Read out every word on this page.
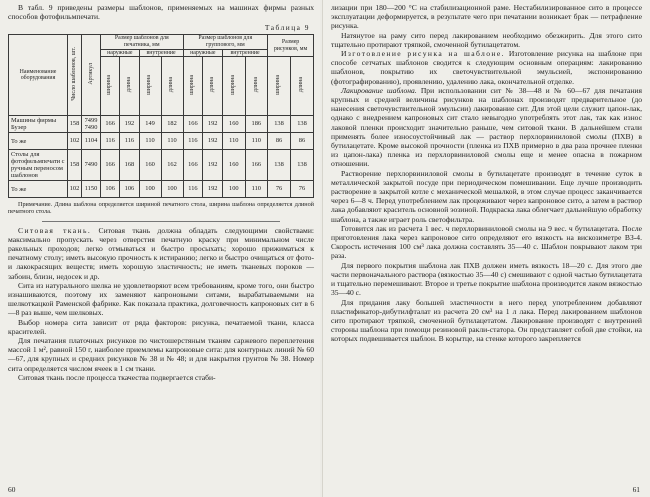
В табл. 9 приведены размеры шаблонов, применяемых на машинах фирмы разных способов фотофильмпечати.

Таблица 9
Наименование оборудования	Число шаблонов, шт.	Артикул	Размер шаблонов для печатника, мм				Размер шаблонов для группового, мм				Размер рисунков, мм	
			наружные		внутренние		наружные		внутренние			
			ширина	длина	ширина	длина	ширина	длина	ширина	длина	ширина	длина
Машины фирмы Буэер	158	7499 7490	166	192	149	182	166	192	160	186	138	138
То же	102	1104	116	116	110	110	116	192	110	110	86	86
Столы для фотофильмпечати с ручным переносом шаблонов	158	7490	166	168	160	162	166	192	160	166	138	138
То же	102	1150	106	106	100	100	116	192	100	110	76	76

Примечание. Длина шаблона определяется шириной печатного стола, ширина шаблона определяется длиной печатного стола.

Ситовая ткань. Ситовая ткань должна обладать следующими свойствами: максимально пропускать через отверстия печатную краску при минимальном числе ракельных проходов; легко отмываться и быстро просыхать; хорошо прижиматься к печатному столу; иметь высокую прочность к истиранию; легко и быстро очищаться от фото- и лакокрасящих веществ; иметь хорошую эластичность; не иметь тканевых пороков — забоин, близн, недосек и др.

Сита из натурального шелка не удовлетворяют всем требованиям, кроме того, они быстро изнашиваются, поэтому их заменяют капроновыми ситами, вырабатываемыми на шелкоткацкой Раменской фабрике. Как показала практика, долговечность капроновых сит в 6—8 раз выше, чем шелковых.

Выбор номера сита зависит от ряда факторов: рисунка, печатаемой ткани, класса красителей.

Для печатания платочных рисунков по чистошерстяным тканям саржевого переплетения массой 1 м², равной 150 г, наиболее приемлемы капроновые сита: для контурных линий № 60—67, для крупных и средних рисунков № 38 и № 48; и для накрытия грунтов № 38. Номер сита определяется числом ячеек в 1 см ткани.

Ситовая ткань после процесса ткачества подвергается стаби-

60

лизации при 180—200 °С на стабилизационной раме. Нестабилизированное сито в процессе эксплуатации деформируется, в результате чего при печатании возникает брак — петрафление рисунка.

Натянутое на раму сито перед лакированием необходимо обезжирить. Для этого сито тщательно протирают тряпкой, смоченной бутилацетатом.

Изготовление рисунка на шаблоне. Изготовление рисунка на шаблоне при способе сетчатых шаблонов сводится к следующим основным операциям: лакированию шаблонов, покрытию их светочувствительной эмульсией, экспонированию (фотографированию), проявлению, удалению лака, окончательной отделке.

Лакирование шаблона. При использовании сит № 38—48 и № 60—67 для печатания крупных и средней величины рисунков на шаблонах производят предварительное (до нанесения светочувствительной эмульсии) лакирование сит. Для этой цели служит цапон-лак, однако с внедрением капроновых сит стало невыгодно употреблять этот лак, так как износ лаковой пленки происходит значительно раньше, чем ситовой ткани. В дальнейшем стали применять более износоустойчивый лак — раствор перхлорвиниловой смолы (ПХВ) в бутилацетате. Кроме высокой прочности (пленка из ПХВ примерно в два раза прочнее пленки из цапон-лака) пленка из перхлорвиниловой смолы еще и менее опасна в пожарном отношении.

Растворение перхлорвиниловой смолы в бутилацетате производят в течение суток в металлической закрытой посуде при периодическом помешивании. Еще лучше производить растворение в закрытой котле с механической мешалкой, в этом случае процесс заканчивается через 6—8 ч. Перед употреблением лак процеживают через капроновое сито, а затем в раствор лака добавляют краситель основной эозиной. Подкраска лака облегчает дальнейшую обработку шаблона, а также играет роль светофильтра.

Готовится лак из расчета 1 вес. ч перхлорвиниловой смолы на 9 вес. ч бутилацетата. После приготовления лака через капроновое сито определяют его вязкость на вискозиметре ВЗ-4. Скорость истечения 100 см³ лака должна составлять 35—40 с. Шаблон покрывают лаком три раза.

Для первого покрытия шаблона лак ПХВ должен иметь вязкость 18—20 с. Для этого две части первоначального раствора (вязкостью 35—40 с) смешивают с одной частью бутилацетата и тщательно перемешивают. Второе и третье покрытие шаблона производится лаком вязкостью 35—40 с.

Для придания лаку большей эластичности в него перед употреблением добавляют пластификатор-дибутилфталат из расчета 20 см³ на 1 л лака. Перед лакированием шаблонов сито протирают тряпкой, смоченной бутилацетатом. Лакирование производят с внутренней стороны шаблона при помощи резиновой ракли-статора. Он представляет собой две стойки, на которых подвешивается шаблон. В корытце, на стенке которого закрепляется

61
